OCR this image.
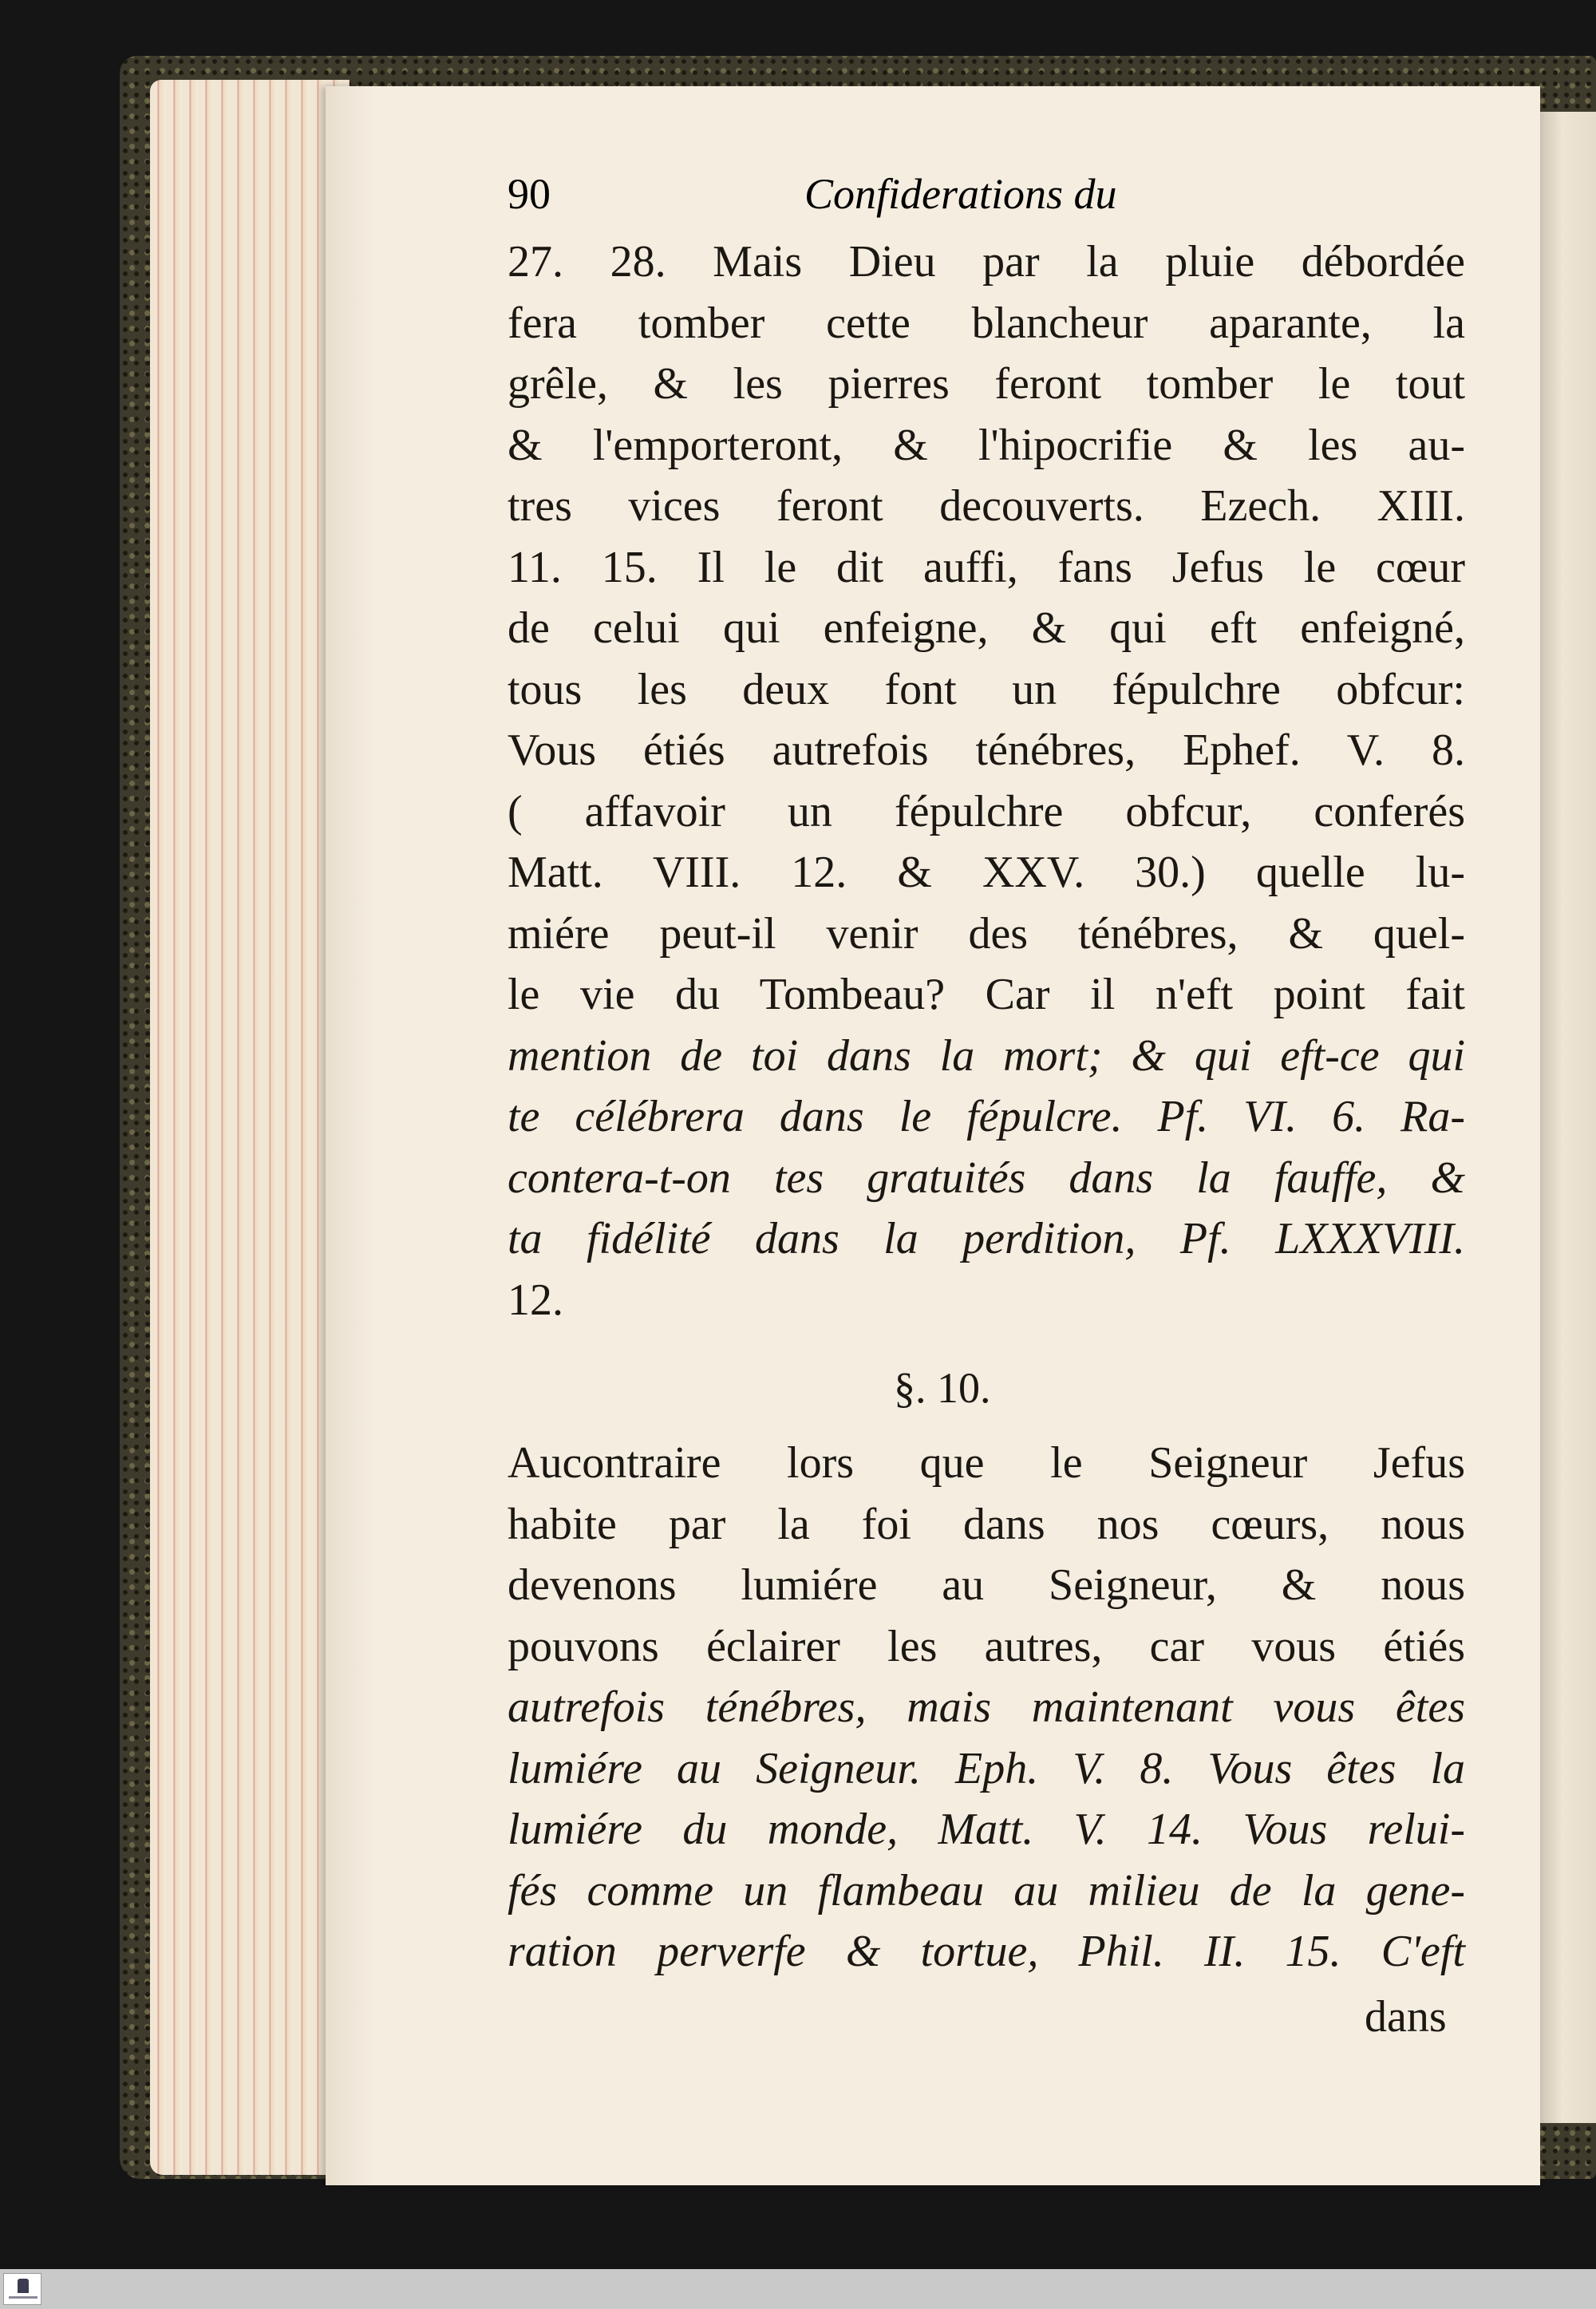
90	Confiderations du
27. 28. Mais Dieu par la pluie débordée
fera tomber cette blancheur aparante, la
grêle, & les pierres feront tomber le tout
& l'emporteront, & l'hipocrifie & les au-
tres vices feront decouverts. Ezech. XIII.
11. 15. Il le dit auffi, fans Jefus le cœur
de celui qui enfeigne, & qui eft enfeigné,
tous les deux font un fépulchre obfcur:
Vous étiés autrefois ténébres, Ephef. V. 8.
( affavoir un fépulchre obfcur, conferés
Matt. VIII. 12. & XXV. 30.) quelle lu-
miére peut-il venir des ténébres, & quel-
le vie du Tombeau? Car il n'eft point fait
mention de toi dans la mort; & qui eft-ce qui
te célébrera dans le fépulcre. Pf. VI. 6. Ra-
contera-t-on tes gratuités dans la fauffe, &
ta fidélité dans la perdition, Pf. LXXXVIII.
12.
§. 10.
Aucontraire lors que le Seigneur Jefus
habite par la foi dans nos cœurs, nous
devenons lumiére au Seigneur, & nous
pouvons éclairer les autres, car vous étiés
autrefois ténébres, mais maintenant vous êtes
lumiére au Seigneur. Eph. V. 8. Vous êtes la
lumiére du monde, Matt. V. 14. Vous relui-
fés comme un flambeau au milieu de la gene-
ration perverfe & tortue, Phil. II. 15. C'eft
dans
